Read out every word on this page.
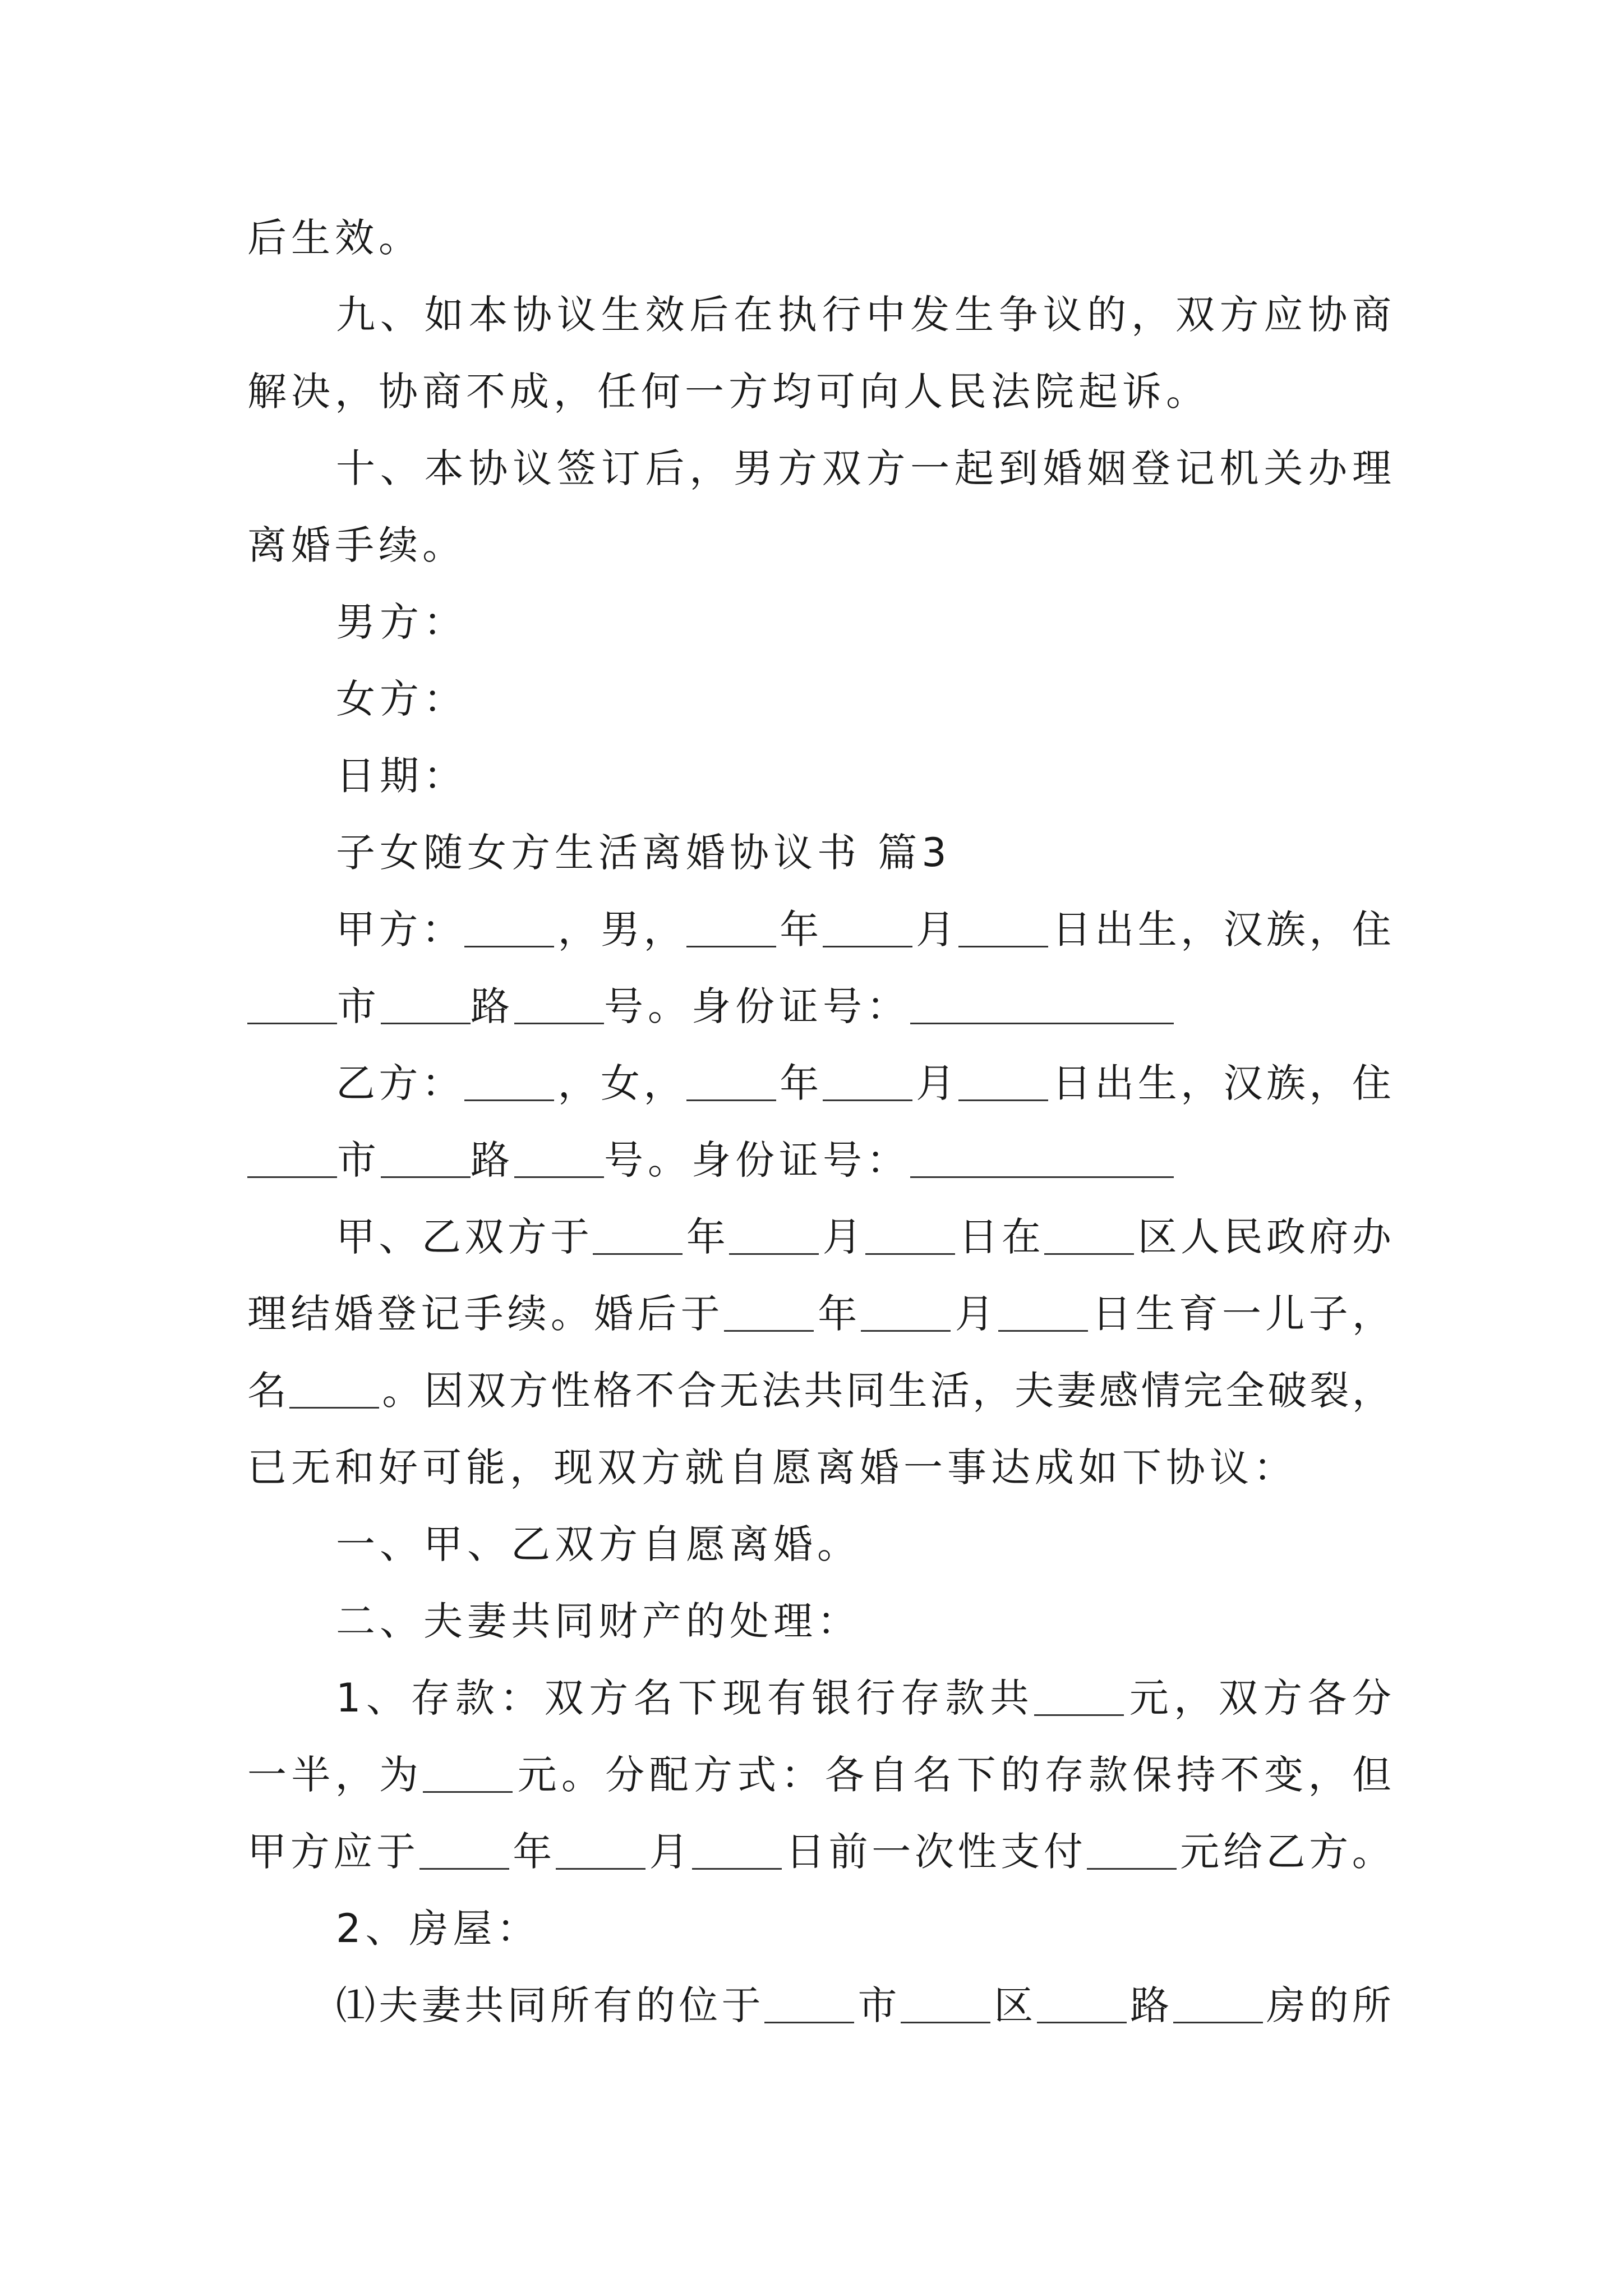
后生效。
九 、 如 本 协 议 生 效 后 在 执 行 中 发 生 争 议 的 ， 双 方 应 协 商
解决，协商不成，任何一方均可向人民法院起诉。
十 、 本 协 议 签 订 后 ， 男 方 双 方 一 起 到 婚 姻 登 记 机 关 办 理
离婚手续。
男方：
女方：
日期：
子女随女方生活离婚协议书 篇3
甲 方 ： ， 男 ， 年 月 日 出 生 ， 汉 族 ， 住
市 路 号。身份证号：
乙 方 ： ， 女 ， 年 月 日 出 生 ， 汉 族 ， 住
市 路 号。身份证号：
甲 、 乙 双 方 于 年 月 日 在 区 人 民 政 府 办
理 结 婚 登 记 手 续 。 婚 后 于 年 月 日 生 育 一 儿 子 ，
名 。 因 双 方 性 格 不 合 无 法 共 同 生 活 ， 夫 妻 感 情 完 全 破 裂 ，
已无和好可能，现双方就自愿离婚一事达成如下协议：
一、甲、乙双方自愿离婚。
二、夫妻共同财产的处理：
1 、 存 款 ： 双 方 名 下 现 有 银 行 存 款 共	元 ， 双 方 各 分
一 半 ， 为	元 。 分 配 方 式 ： 各 自 名 下 的 存 款 保 持 不 变 ， 但
甲 方 应 于 年 月 日 前 一 次 性 支 付 元 给 乙 方 。
2、房屋：
⑴ 夫 妻 共 同 所 有 的 位 于 市 区 路 房 的 所
